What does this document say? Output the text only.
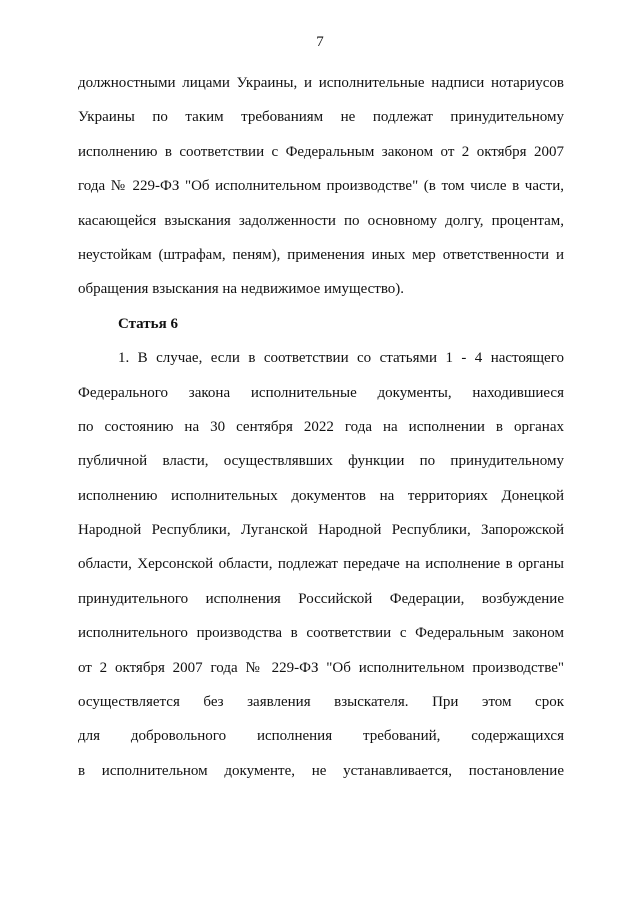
7
должностными лицами Украины, и исполнительные надписи нотариусов
Украины по таким требованиям не подлежат принудительному
исполнению в соответствии с Федеральным законом от 2 октября 2007
года № 229-ФЗ "Об исполнительном производстве" (в том числе в части,
касающейся взыскания задолженности по основному долгу, процентам,
неустойкам (штрафам, пеням), применения иных мер ответственности и
обращения взыскания на недвижимое имущество).
Статья 6
1. В случае, если в соответствии со статьями 1 - 4 настоящего
Федерального закона исполнительные документы, находившиеся
по состоянию на 30 сентября 2022 года на исполнении в органах
публичной власти, осуществлявших функции по принудительному
исполнению исполнительных документов на территориях Донецкой
Народной Республики, Луганской Народной Республики, Запорожской
области, Херсонской области, подлежат передаче на исполнение в органы
принудительного исполнения Российской Федерации, возбуждение
исполнительного производства в соответствии с Федеральным законом
от 2 октября 2007 года № 229-ФЗ "Об исполнительном производстве"
осуществляется без заявления взыскателя. При этом срок
для добровольного исполнения требований, содержащихся
в исполнительном документе, не устанавливается, постановление
